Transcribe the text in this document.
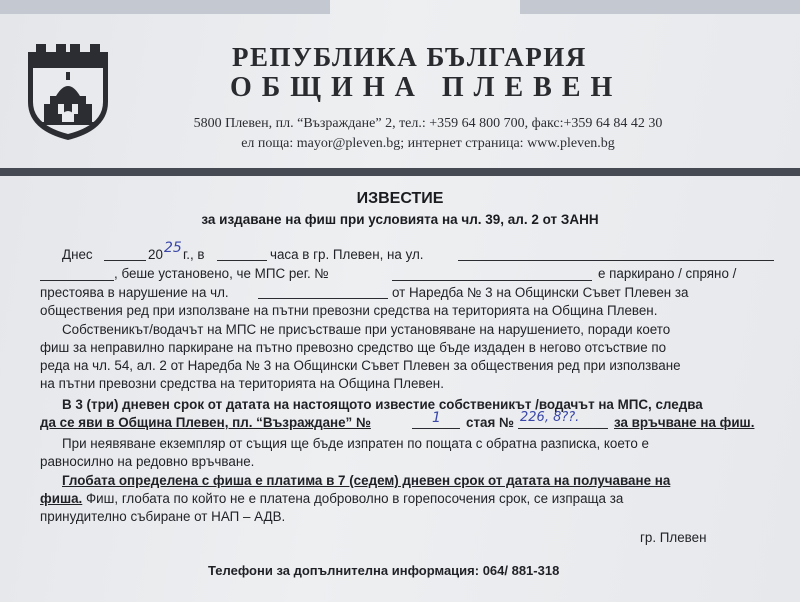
РЕПУБЛИКА БЪЛГАРИЯ
ОБЩИНА ПЛЕВЕН
5800 Плевен, пл. “Възраждане” 2, тел.: +359 64 800 700, факс:+359 64 84 42 30
ел поща: mayor@pleven.bg; интернет страница: www.pleven.bg
ИЗВЕСТИЕ
за издаване на фиш при условията на чл. 39, ал. 2 от ЗАНН
Днес	20 25 г., в	часа в гр. Плевен, на ул.
, беше установено, че МПС рег. №	е паркирано / спряно /
престоява в нарушение на чл.	от Наредба № 3 на Общински Съвет Плевен за
обществения ред при използване на пътни превозни средства на територията на Община Плевен.
Собственикът/водачът на МПС не присъстваше при установяване на нарушението, поради което
фиш за неправилно паркиране на пътно превозно средство ще бъде издаден в негово отсъствие по
реда на чл. 54, ал. 2 от Наредба № 3 на Общински Съвет Плевен за обществения ред при използване
на пътни превозни средства на територията на Община Плевен.
В 3 (три) дневен срок от датата на настоящото известие собственикът /водачът на МПС, следва
да се яви в Община Плевен, пл. “Възраждане” №	1 стая № 226, 8??.	за връчване на фиш.
При неявяване екземпляр от същия ще бъде изпратен по пощата с обратна разписка, което е
равносилно на редовно връчване.
Глобата определена с фиша е платима в 7 (седем) дневен срок от датата на получаване на
фиша. Фиш, глобата по който не е платена доброволно в горепосочения срок, се изпраща за
принудително събиране от НАП – АДВ.
гр. Плевен
Телефони за допълнителна информация: 064/ 881-318
